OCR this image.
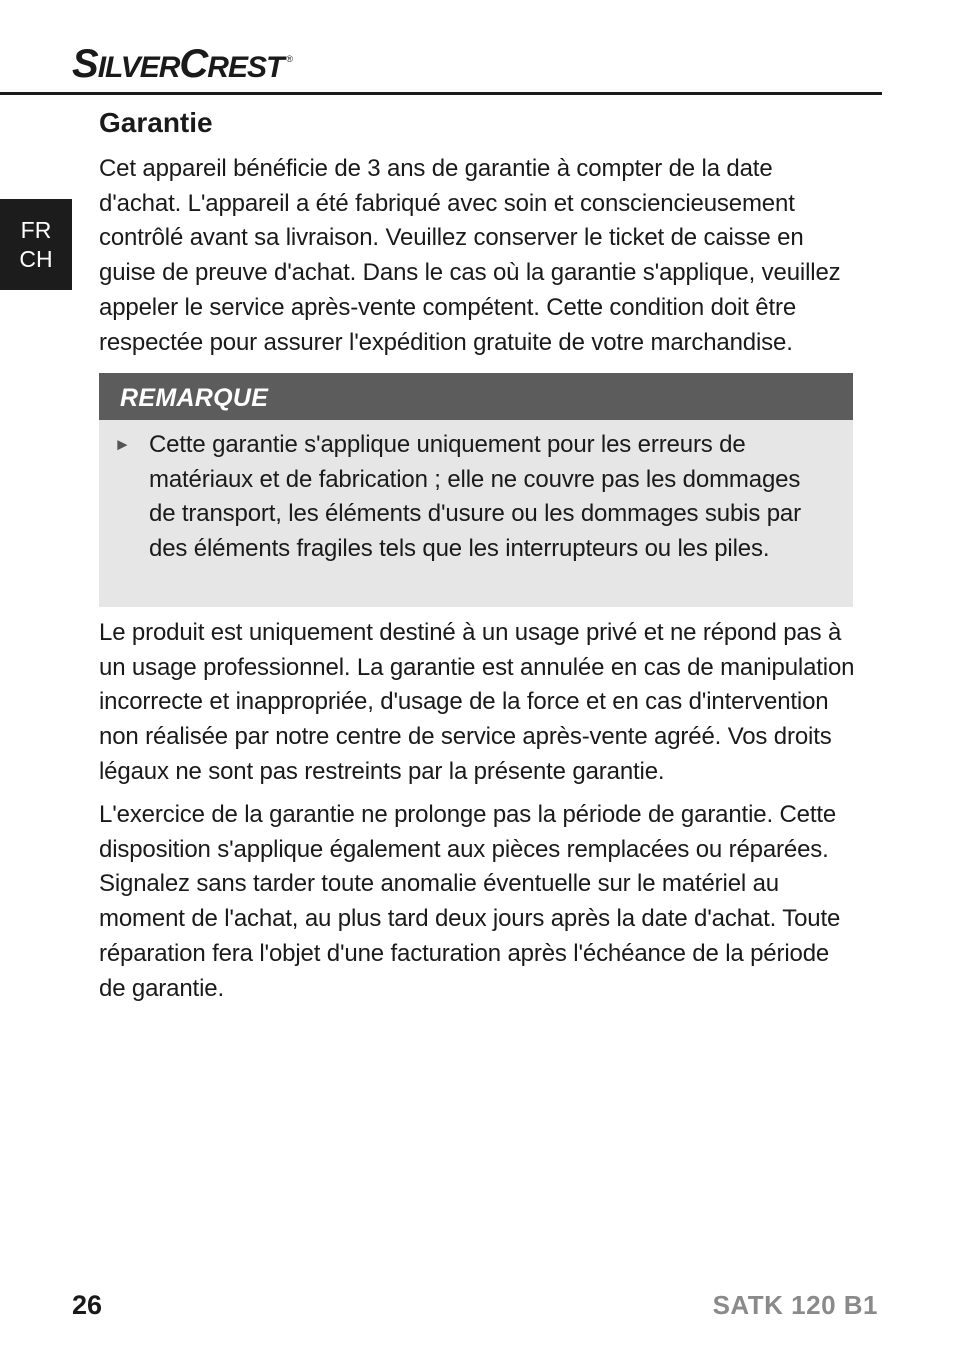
S ILVER C REST ®
FR
CH
Garantie

Cet appareil bénéficie de 3 ans de garantie à compter de la date d'achat. L'appareil a été fabriqué avec soin et consciencieusement contrôlé avant sa livraison. Veuillez conserver le ticket de caisse en guise de preuve d'achat. Dans le cas où la garantie s'applique, veuillez appeler le service après-vente compétent. Cette condition doit être respectée pour assurer l'expédition gratuite de votre marchandise.

REMARQUE
► Cette garantie s'applique uniquement pour les erreurs de matériaux et de fabrication ; elle ne couvre pas les dommages de transport, les éléments d'usure ou les dommages subis par des éléments fragiles tels que les interrupteurs ou les piles.

Le produit est uniquement destiné à un usage privé et ne répond pas à un usage professionnel. La garantie est annulée en cas de manipulation incorrecte et inappropriée, d'usage de la force et en cas d'intervention non réalisée par notre centre de service après-vente agréé. Vos droits légaux ne sont pas restreints par la présente garantie.

L'exercice de la garantie ne prolonge pas la période de garantie. Cette disposition s'applique également aux pièces remplacées ou réparées. Signalez sans tarder toute anomalie éventuelle sur le matériel au moment de l'achat, au plus tard deux jours après la date d'achat. Toute réparation fera l'objet d'une facturation après l'échéance de la période de garantie.

26	SATK 120 B1
